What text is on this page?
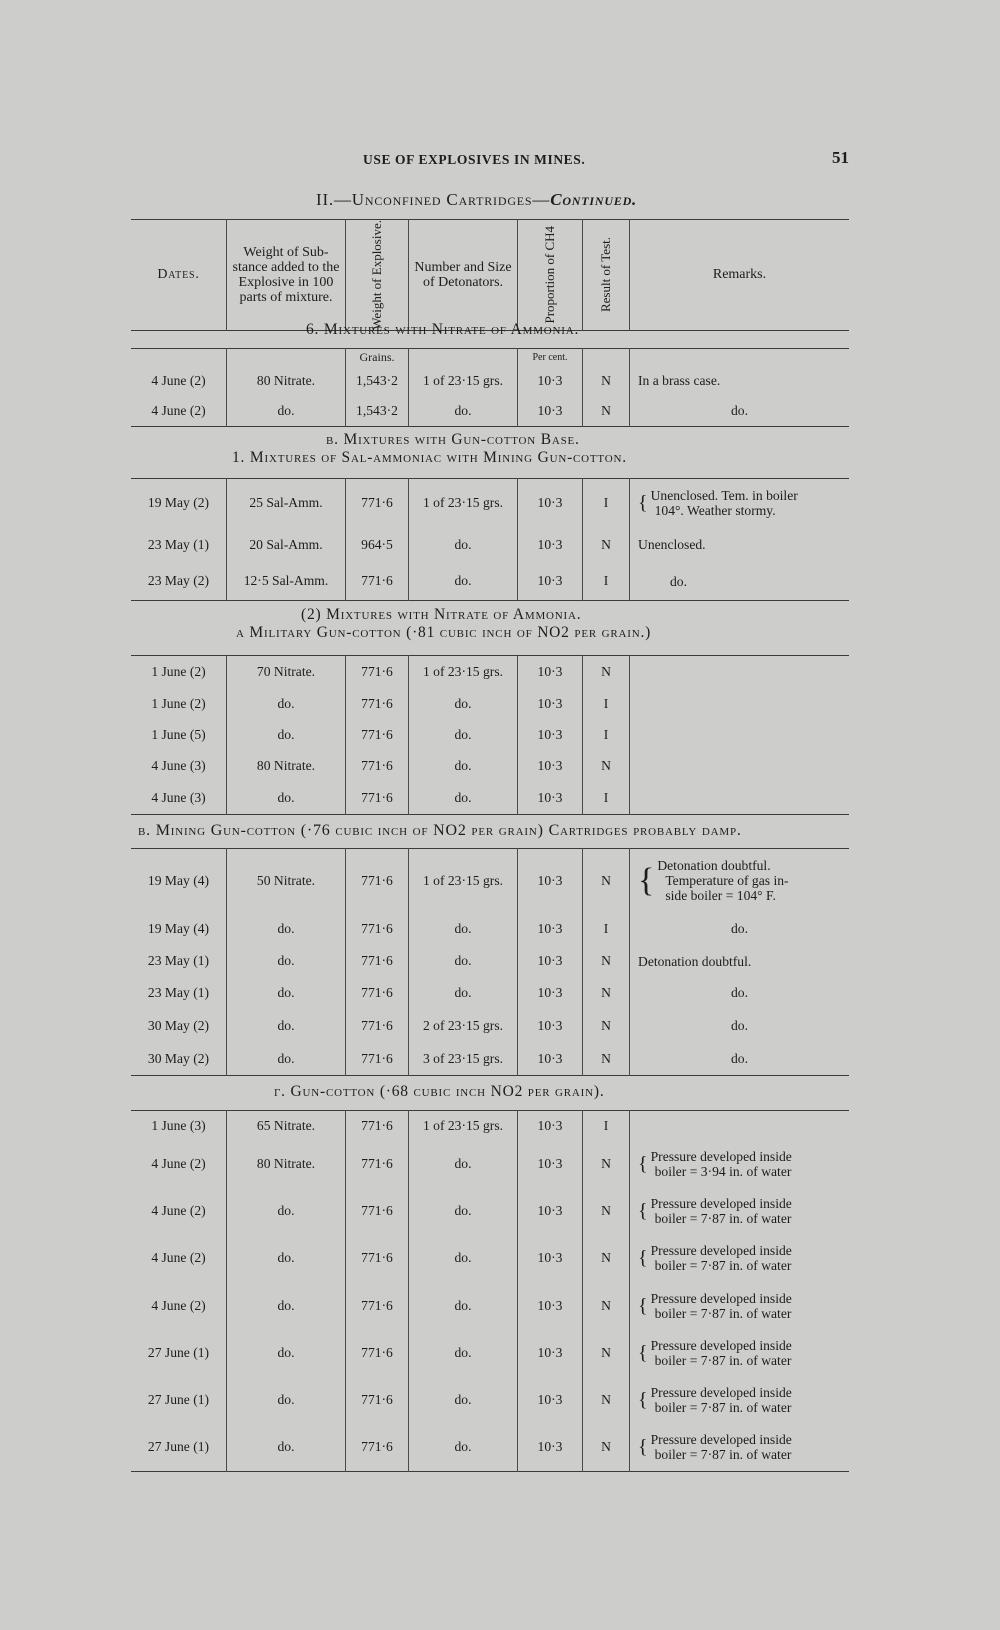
USE OF EXPLOSIVES IN MINES.	51
II.—Unconfined Cartridges—Continued.
Dates.	Weight of Sub-stance added to the Explosive in 100 parts of mixture.	Weight of Explosive.	Number and Size of Detonators.	Proportion of CH4	Result of Test.	Remarks.
6. Mixtures with Nitrate of Ammonia.
		Grains.		Per cent.		
4 June (2)	80 Nitrate.	1,543·2	1 of 23·15 grs.	10·3	N	In a brass case.
4 June (2)	do.	1,543·2	do.	10·3	N	do.
b. Mixtures with Gun-cotton Base.
1. Mixtures of Sal-ammoniac with Mining Gun-cotton.
19 May (2)	25 Sal-Amm.	771·6	1 of 23·15 grs.	10·3	I	{ Unenclosed. Tem. in boiler
104°. Weather stormy.
23 May (1)	20 Sal-Amm.	964·5	do.	10·3	N	Unenclosed.
23 May (2)	12·5 Sal-Amm.	771·6	do.	10·3	I	do.
(2) Mixtures with Nitrate of Ammonia.
α Military Gun-cotton (·81 cubic inch of NO2 per grain.)
1 June (2)	70 Nitrate.	771·6	1 of 23·15 grs.	10·3	N	
1 June (2)	do.	771·6	do.	10·3	I	
1 June (5)	do.	771·6	do.	10·3	I	
4 June (3)	80 Nitrate.	771·6	do.	10·3	N	
4 June (3)	do.	771·6	do.	10·3	I	
β. Mining Gun-cotton (·76 cubic inch of NO2 per grain) Cartridges probably damp.
19 May (4)	50 Nitrate.	771·6	1 of 23·15 grs.	10·3	N	{ Detonation doubtful.
Temperature of gas in-
side boiler = 104° F.
19 May (4)	do.	771·6	do.	10·3	I	do.
23 May (1)	do.	771·6	do.	10·3	N	Detonation doubtful.
23 May (1)	do.	771·6	do.	10·3	N	do.
30 May (2)	do.	771·6	2 of 23·15 grs.	10·3	N	do.
30 May (2)	do.	771·6	3 of 23·15 grs.	10·3	N	do.
γ. Gun-cotton (·68 cubic inch NO2 per grain).
1 June (3)	65 Nitrate.	771·6	1 of 23·15 grs.	10·3	I	
4 June (2)	80 Nitrate.	771·6	do.	10·3	N	{ Pressure developed inside
boiler = 3·94 in. of water
4 June (2)	do.	771·6	do.	10·3	N	{ Pressure developed inside
boiler = 7·87 in. of water
4 June (2)	do.	771·6	do.	10·3	N	{ Pressure developed inside
boiler = 7·87 in. of water
4 June (2)	do.	771·6	do.	10·3	N	{ Pressure developed inside
boiler = 7·87 in. of water
27 June (1)	do.	771·6	do.	10·3	N	{ Pressure developed inside
boiler = 7·87 in. of water
27 June (1)	do.	771·6	do.	10·3	N	{ Pressure developed inside
boiler = 7·87 in. of water
27 June (1)	do.	771·6	do.	10·3	N	{ Pressure developed inside
boiler = 7·87 in. of water
